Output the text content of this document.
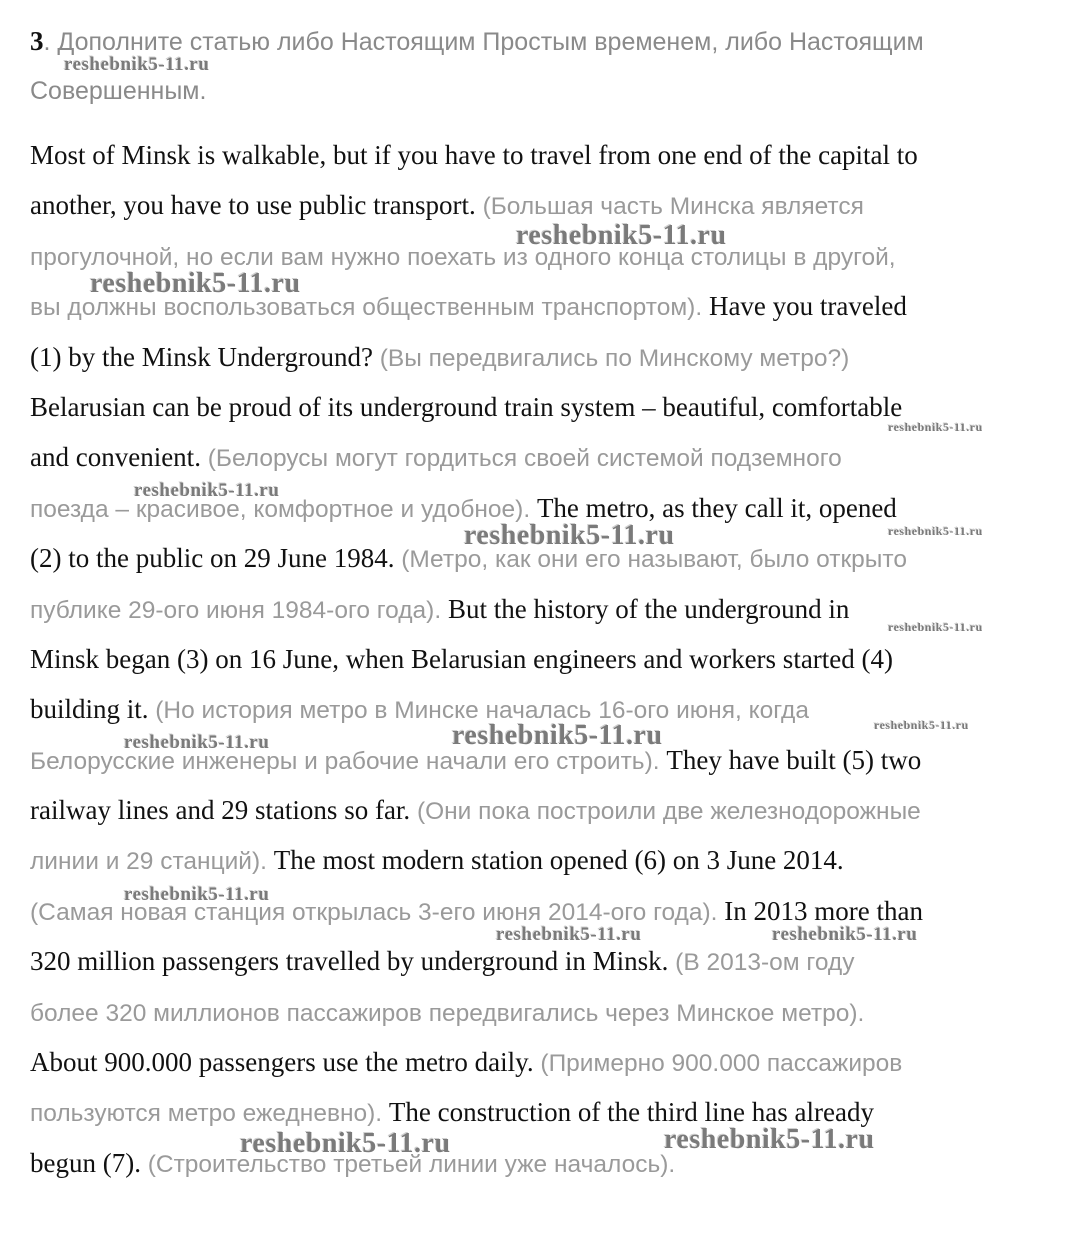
3. Дополните статью либо Настоящим Простым временем, либо Настоящим
Совершенным.
Most of Minsk is walkable, but if you have to travel from one end of the capital to
another, you have to use public transport. (Большая часть Минска является
прогулочной, но если вам нужно поехать из одного конца столицы в другой,
вы должны воспользоваться общественным транспортом). Have you traveled
(1) by the Minsk Underground? (Вы передвигались по Минскому метро?)
Belarusian can be proud of its underground train system – beautiful, comfortable
and convenient. (Белорусы могут гордиться своей системой подземного
поезда – красивое, комфортное и удобное). The metro, as they call it, opened
(2) to the public on 29 June 1984. (Метро, как они его называют, было открыто
публике 29-ого июня 1984-ого года). But the history of the underground in
Minsk began (3) on 16 June, when Belarusian engineers and workers started (4)
building it. (Но история метро в Минске началась 16-ого июня, когда
Белорусские инженеры и рабочие начали его строить). They have built (5) two
railway lines and 29 stations so far. (Они пока построили две железнодорожные
линии и 29 станций). The most modern station opened (6) on 3 June 2014.
(Самая новая станция открылась 3-его июня 2014-ого года). In 2013 more than
320 million passengers travelled by underground in Minsk. (В 2013-ом году
более 320 миллионов пассажиров передвигались через Минское метро).
About 900.000 passengers use the metro daily. (Примерно 900.000 пассажиров
пользуются метро ежедневно). The construction of the third line has already
begun (7). (Строительство третьей линии уже началось).
reshebnik5-11.ru
reshebnik5-11.ru
reshebnik5-11.ru
reshebnik5-11.ru
reshebnik5-11.ru
reshebnik5-11.ru	reshebnik5-11.ru
reshebnik5-11.ru
reshebnik5-11.ru
reshebnik5-11.ru	reshebnik5-11.ru
reshebnik5-11.ru
reshebnik5-11.ru	reshebnik5-11.ru
reshebnik5-11.ru	reshebnik5-11.ru
